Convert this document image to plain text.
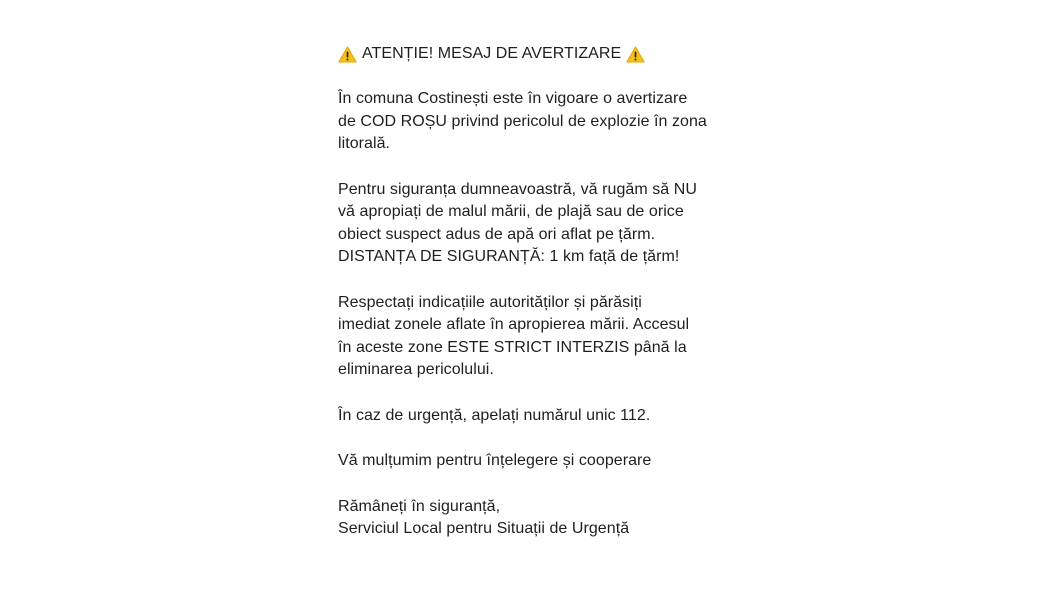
ATENȚIE! MESAJ DE AVERTIZARE
În comuna Costinești este în vigoare o avertizare
de COD ROȘU privind pericolul de explozie în zona
litorală.
Pentru siguranța dumneavoastră, vă rugăm să NU
vă apropiați de malul mării, de plajă sau de orice
obiect suspect adus de apă ori aflat pe țărm.
DISTANȚA DE SIGURANȚĂ: 1 km față de țărm!
Respectați indicațiile autorităților și părăsiți
imediat zonele aflate în apropierea mării. Accesul
în aceste zone ESTE STRICT INTERZIS până la
eliminarea pericolului.
În caz de urgență, apelați numărul unic 112.
Vă mulțumim pentru înțelegere și cooperare
Rămâneți în siguranță,
Serviciul Local pentru Situații de Urgență
